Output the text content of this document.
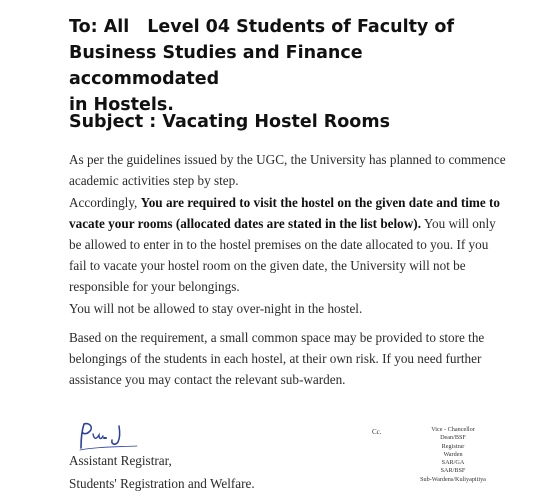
To: All Level 04 Students of Faculty of
Business Studies and Finance accommodated
in Hostels.
Subject : Vacating Hostel Rooms
As per the guidelines issued by the UGC, the University has planned to commence academic activities step by step.
Accordingly, You are required to visit the hostel on the given date and time to vacate your rooms (allocated dates are stated in the list below). You will only be allowed to enter in to the hostel premises on the date allocated to you. If you fail to vacate your hostel room on the given date, the University will not be responsible for your belongings.
You will not be allowed to stay over-night in the hostel.
Based on the requirement, a small common space may be provided to store the belongings of the students in each hostel, at their own risk. If you need further assistance you may contact the relevant sub-warden.
Assistant Registrar,
Students' Registration and Welfare.
Cc.	Vice - Chancellor
Dean/BSF
Registrar
Warden
SAR/GA
SAR/BSF
Sub-Wardens/Kuliyapitiya
